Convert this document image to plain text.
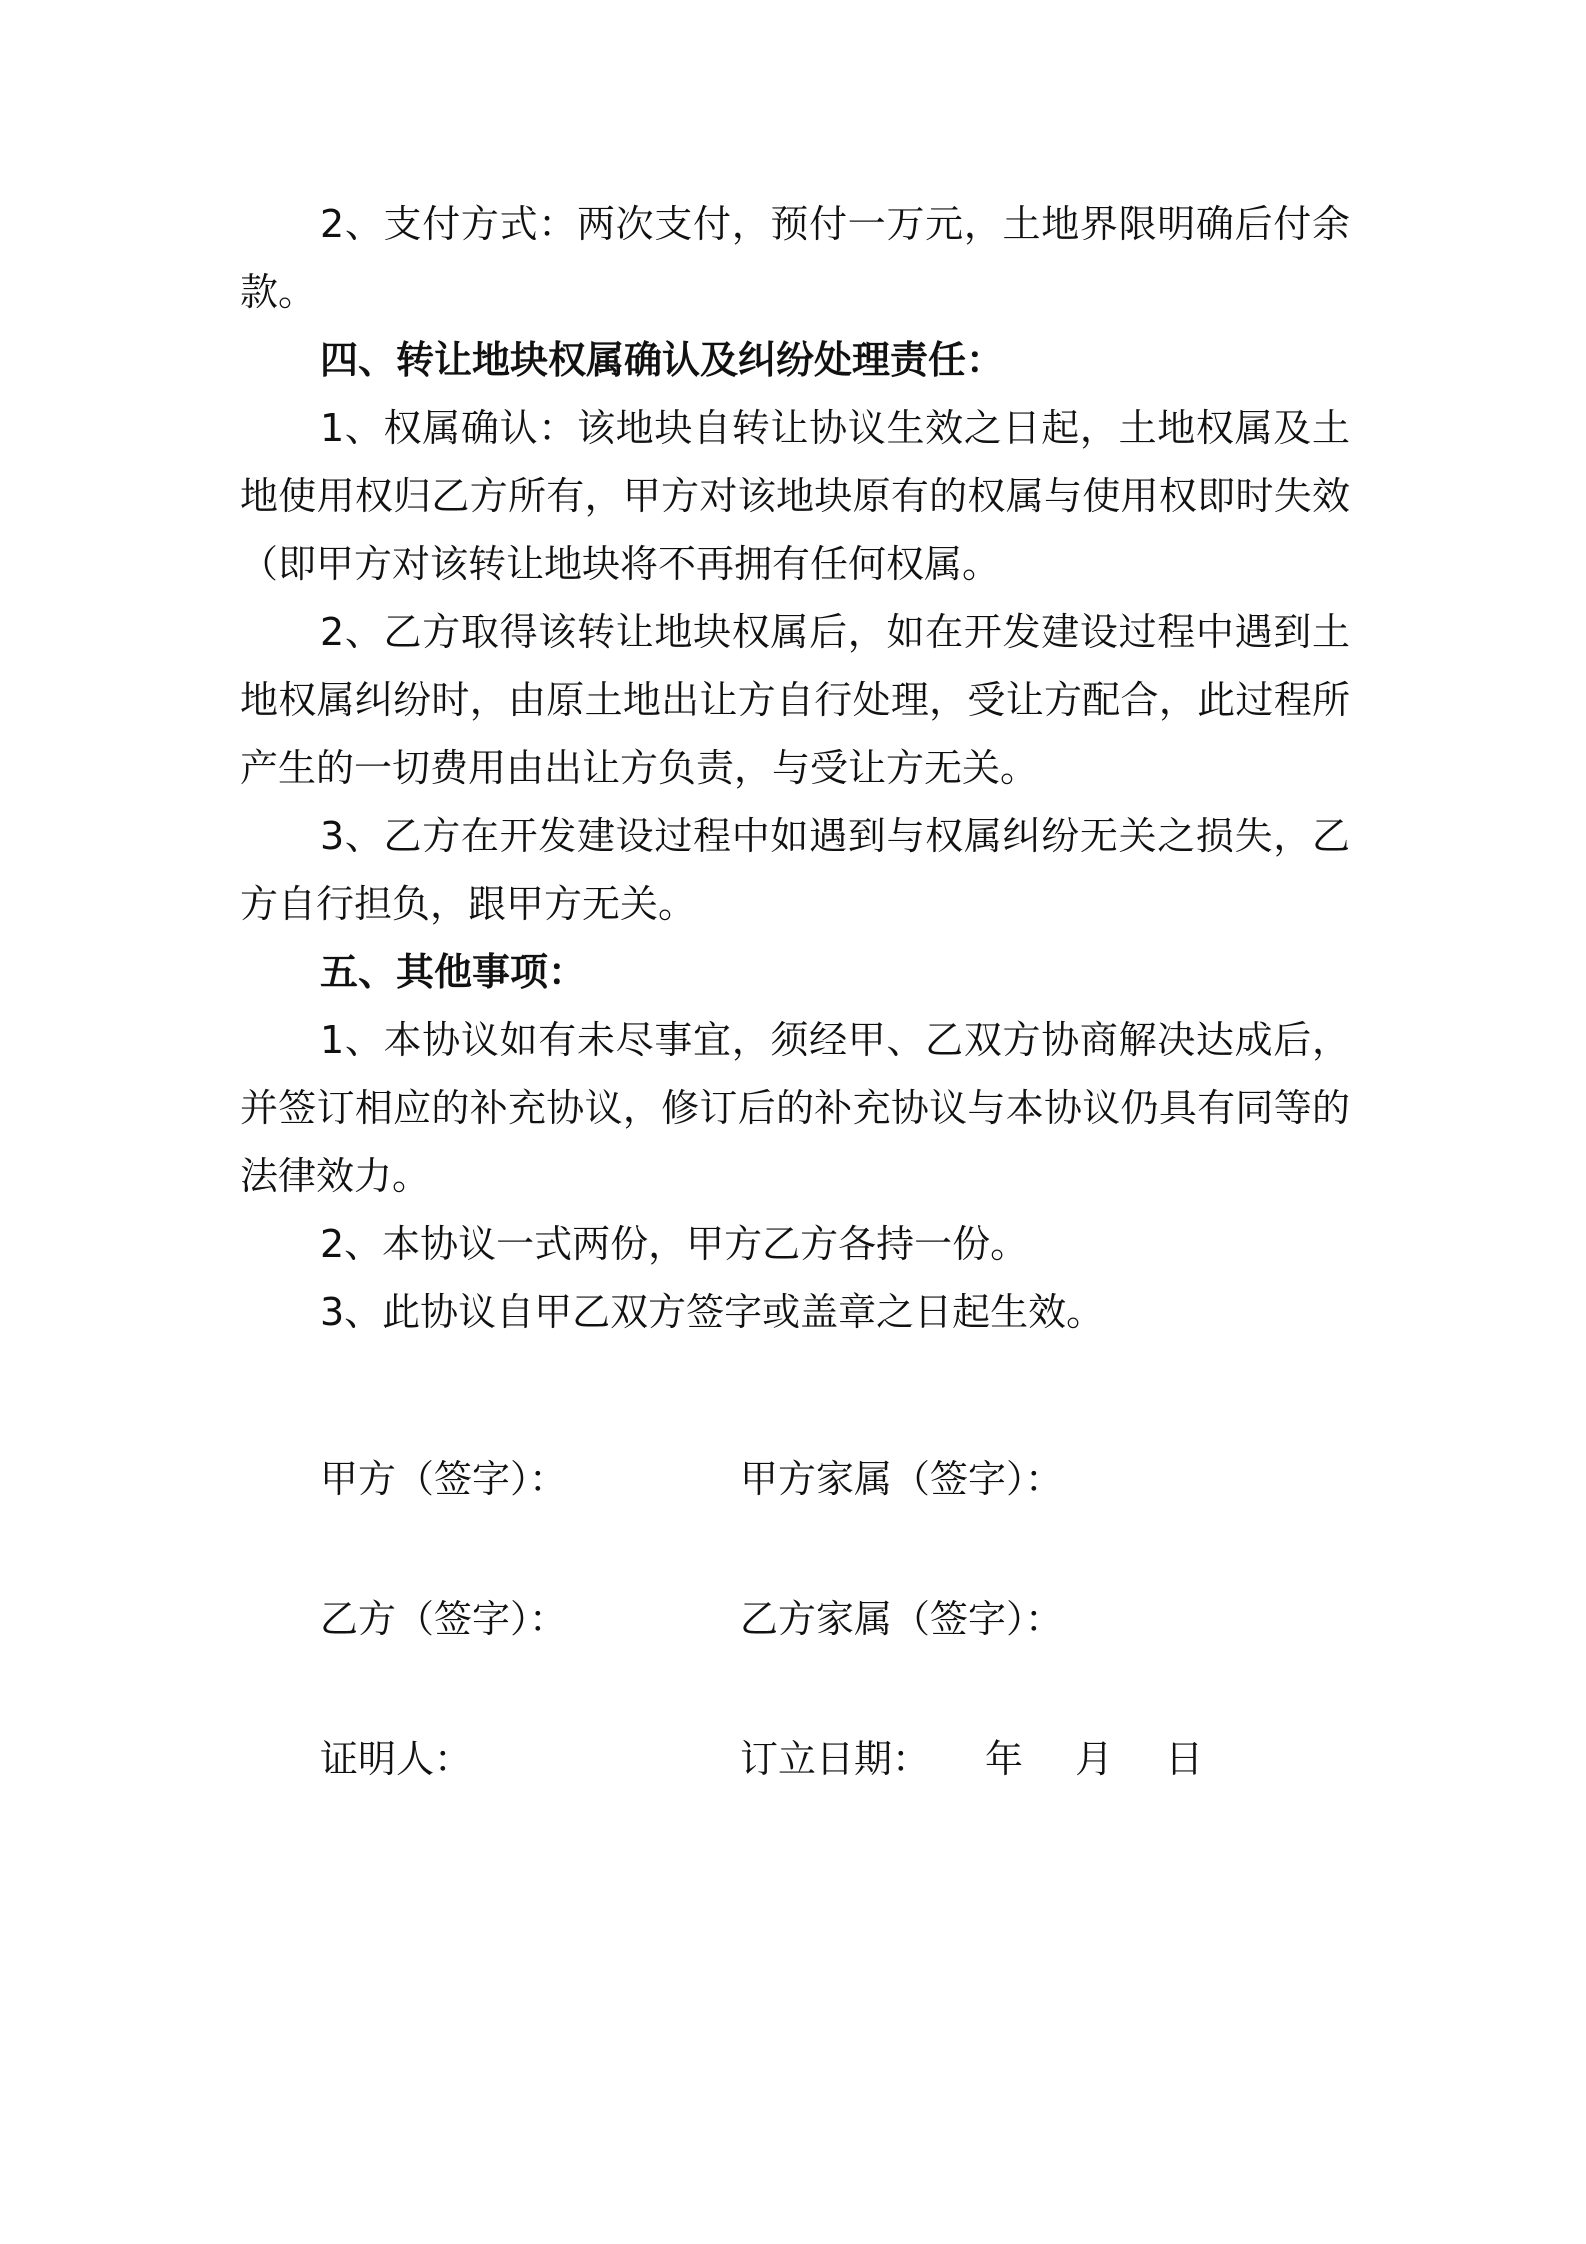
2、支付方式：两次支付，预付一万元，土地界限明确后付余款。

四、转让地块权属确认及纠纷处理责任：

1、权属确认：该地块自转让协议生效之日起，土地权属及土地使用权归乙方所有，甲方对该地块原有的权属与使用权即时失效（即甲方对该转让地块将不再拥有任何权属。

2、乙方取得该转让地块权属后，如在开发建设过程中遇到土地权属纠纷时，由原土地出让方自行处理，受让方配合，此过程所产生的一切费用由出让方负责，与受让方无关。

3、乙方在开发建设过程中如遇到与权属纠纷无关之损失，乙方自行担负，跟甲方无关。

五、其他事项：

1、本协议如有未尽事宜，须经甲、乙双方协商解决达成后，并签订相应的补充协议，修订后的补充协议与本协议仍具有同等的法律效力。

2、本协议一式两份，甲方乙方各持一份。

3、此协议自甲乙双方签字或盖章之日起生效。

甲方（签字）：	甲方家属（签字）：
乙方（签字）：	乙方家属（签字）：
证明人：	订立日期： 年 月 日
